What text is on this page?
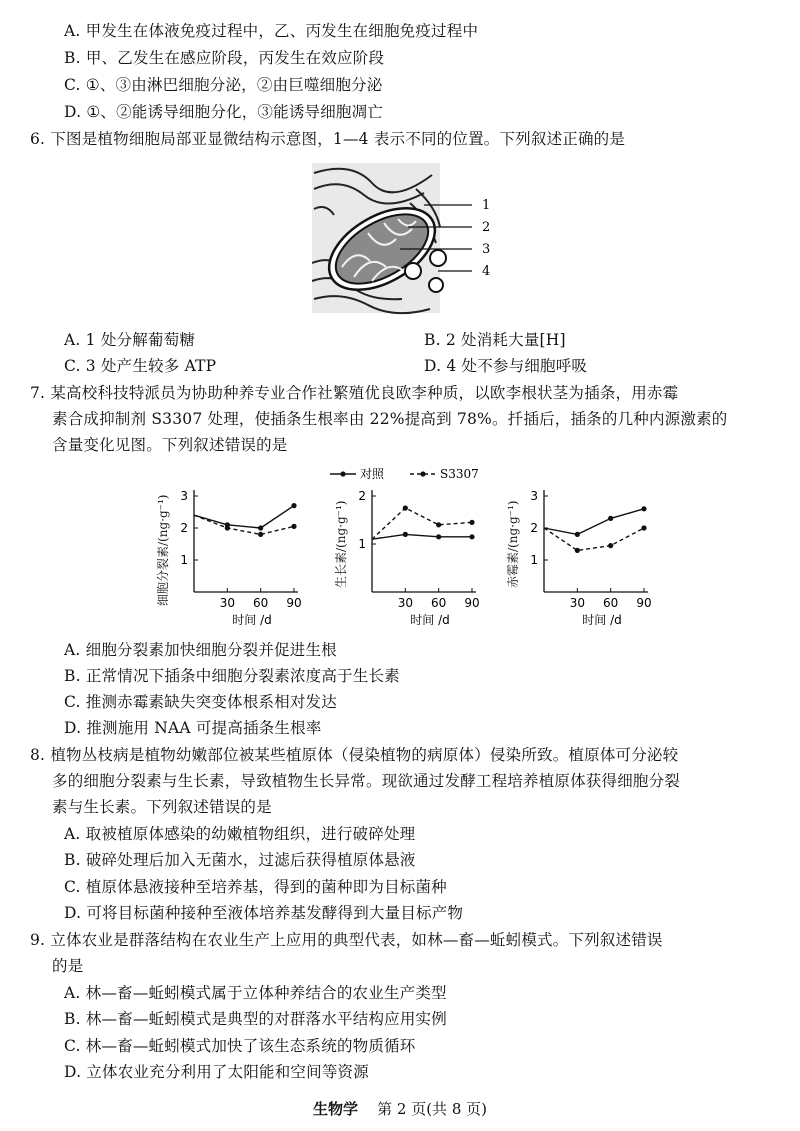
A. 甲发生在体液免疫过程中，乙、丙发生在细胞免疫过程中
B. 甲、乙发生在感应阶段，丙发生在效应阶段
C. ①、③由淋巴细胞分泌，②由巨噬细胞分泌
D. ①、②能诱导细胞分化，③能诱导细胞凋亡
6. 下图是植物细胞局部亚显微结构示意图，1—4 表示不同的位置。下列叙述正确的是
1
2
3
4
A. 1 处分解葡萄糖	B. 2 处消耗大量[H]
C. 3 处产生较多 ATP	D. 4 处不参与细胞呼吸
7. 某高校科技特派员为协助种养专业合作社繁殖优良欧李种质，以欧李根状茎为插条，用赤霉
素合成抑制剂 S3307 处理，使插条生根率由 22%提高到 78%。扦插后，插条的几种内源激素的
含量变化见图。下列叙述错误的是
对照	S3307
1
2
3
30 60 90
时间 /d
细胞分裂素/(ng·g⁻¹)	1
2
30 60 90
时间 /d
生长素/(ng·g⁻¹)	1
2
3
30 60 90
时间 /d
赤霉素/(ng·g⁻¹)
A. 细胞分裂素加快细胞分裂并促进生根
B. 正常情况下插条中细胞分裂素浓度高于生长素
C. 推测赤霉素缺失突变体根系相对发达
D. 推测施用 NAA 可提高插条生根率
8. 植物丛枝病是植物幼嫩部位被某些植原体（侵染植物的病原体）侵染所致。植原体可分泌较
多的细胞分裂素与生长素，导致植物生长异常。现欲通过发酵工程培养植原体获得细胞分裂
素与生长素。下列叙述错误的是
A. 取被植原体感染的幼嫩植物组织，进行破碎处理
B. 破碎处理后加入无菌水，过滤后获得植原体悬液
C. 植原体悬液接种至培养基，得到的菌种即为目标菌种
D. 可将目标菌种接种至液体培养基发酵得到大量目标产物
9. 立体农业是群落结构在农业生产上应用的典型代表，如林—畜—蚯蚓模式。下列叙述错误
的是
A. 林—畜—蚯蚓模式属于立体种养结合的农业生产类型
B. 林—畜—蚯蚓模式是典型的对群落水平结构应用实例
C. 林—畜—蚯蚓模式加快了该生态系统的物质循环
D. 立体农业充分利用了太阳能和空间等资源
生物学 第 2 页(共 8 页)
